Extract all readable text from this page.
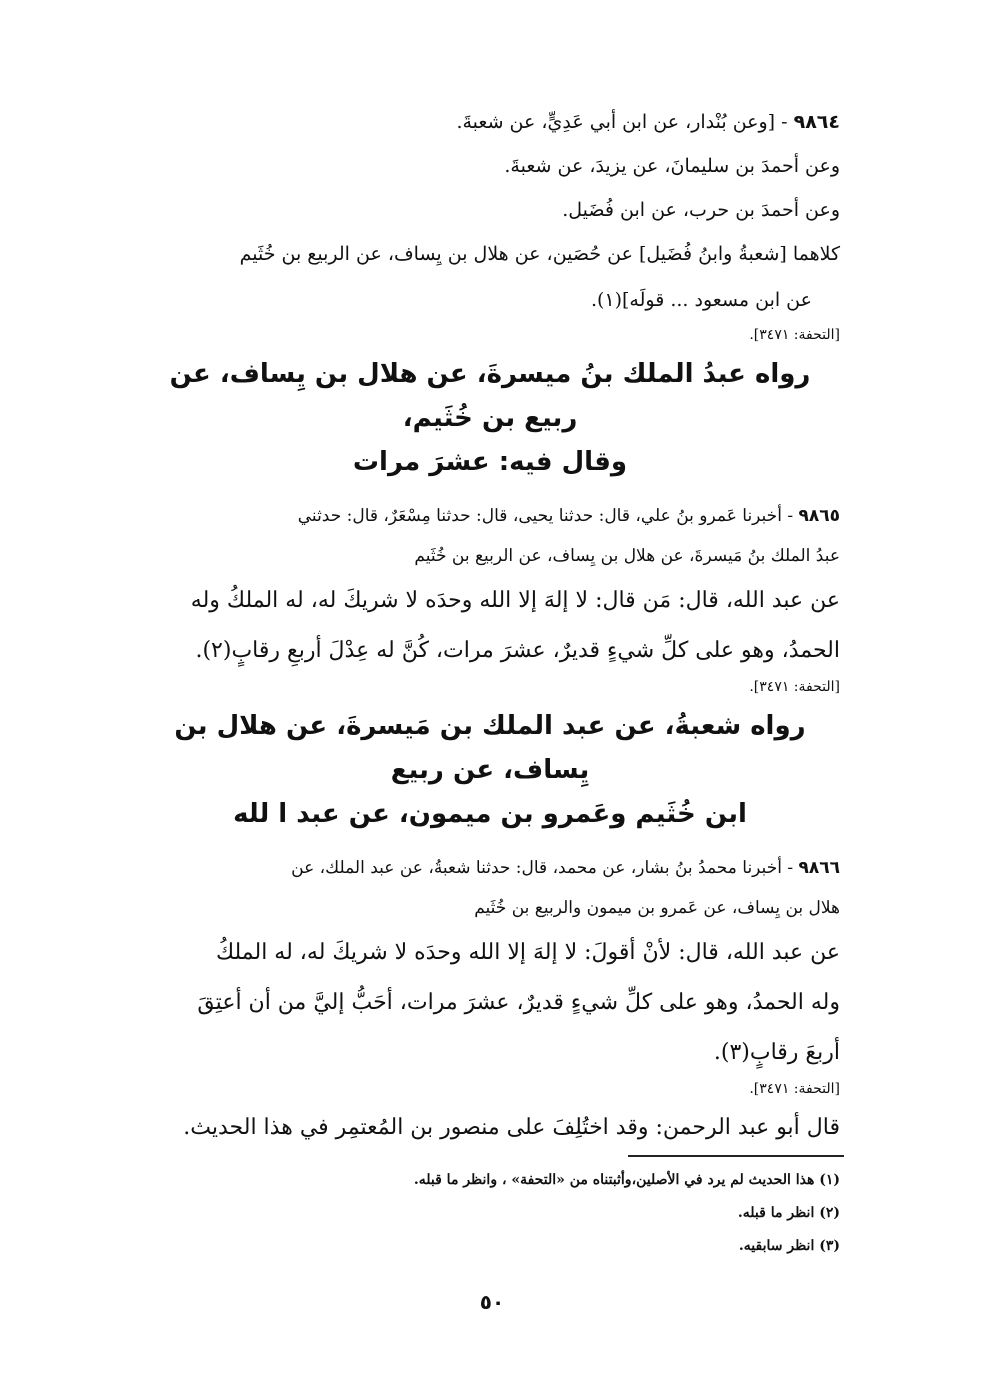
٩٨٦٤ - [وعن بُنْدار، عن ابن أبي عَدِيٍّ، عن شعبةَ.
وعن أحمدَ بن سليمانَ، عن يزيدَ، عن شعبةَ.
وعن أحمدَ بن حرب، عن ابن فُضَيل.
كلاهما [شعبةُ وابنُ فُضَيل] عن حُصَين، عن هلال بن يِساف، عن الربيع بن خُثَيم
عن ابن مسعود ... قولَه](١).
[التحفة: ٣٤٧١].
رواه عبدُ الملك بنُ ميسرةَ، عن هلال بن يِساف، عن ربيع بن خُثَيم،
وقال فيه: عشرَ مرات
٩٨٦٥ - أخبرنا عَمرو بنُ علي، قال: حدثنا يحيى، قال: حدثنا مِسْعَرٌ، قال: حدثني
عبدُ الملك بنُ مَيسرةَ، عن هلال بن يِساف، عن الربيع بن خُثَيم
عن عبد الله، قال: مَن قال: لا إلهَ إلا الله وحدَه لا شريكَ له، له الملكُ وله
الحمدُ، وهو على كلِّ شيءٍ قديرٌ، عشرَ مرات، كُنَّ له عِدْلَ أربعِ رقابٍ(٢).
[التحفة: ٣٤٧١].
رواه شعبةُ، عن عبد الملك بن مَيسرةَ، عن هلال بن يِساف، عن ربيع
ابن خُثَيم وعَمرو بن ميمون، عن عبد ا لله
٩٨٦٦ - أخبرنا محمدُ بنُ بشار، عن محمد، قال: حدثنا شعبةُ، عن عبد الملك، عن
هلال بن يِساف، عن عَمرو بن ميمون والربيع بن خُثَيم
عن عبد الله، قال: لأنْ أقولَ: لا إلهَ إلا الله وحدَه لا شريكَ له، له الملكُ
وله الحمدُ، وهو على كلِّ شيءٍ قديرٌ، عشرَ مرات، أحَبُّ إليَّ من أن أعتِقَ
أربعَ رقابٍ(٣).
[التحفة: ٣٤٧١].
قال أبو عبد الرحمن: وقد اختُلِفَ على منصور بن المُعتمِر في هذا الحديث.
(١) هذا الحديث لم يرد في الأصلين،وأثبتناه من «التحفة» ، وانظر ما قبله.
(٢) انظر ما قبله.
(٣) انظر سابقيه.
٥٠
